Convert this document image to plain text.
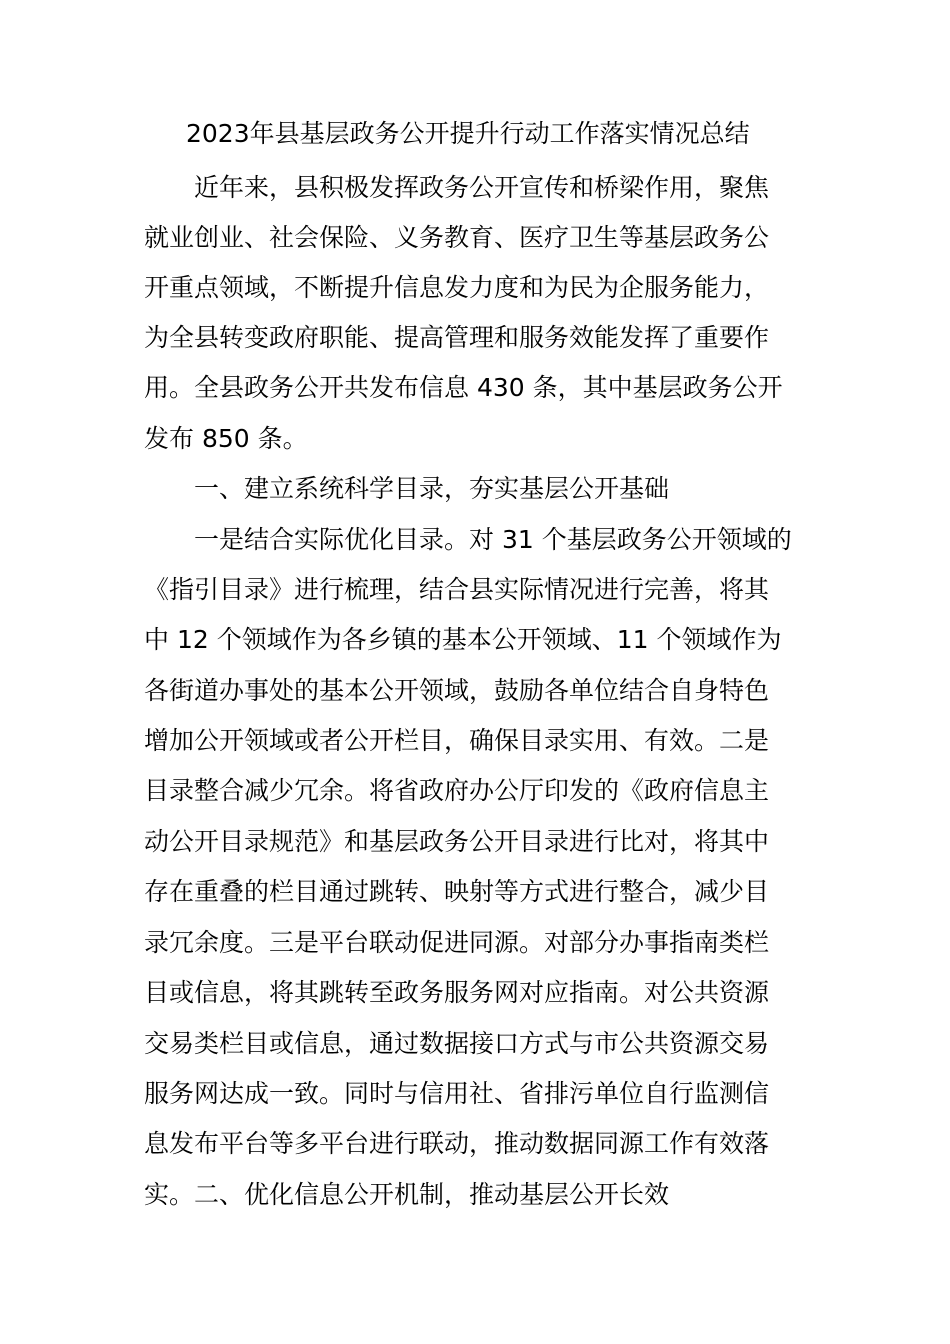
2023年县基层政务公开提升行动工作落实情况总结
近年来，县积极发挥政务公开宣传和桥梁作用，聚焦
就业创业、社会保险、义务教育、医疗卫生等基层政务公
开重点领域，不断提升信息发力度和为民为企服务能力，
为全县转变政府职能、提高管理和服务效能发挥了重要作
用。全县政务公开共发布信息 430 条，其中基层政务公开
发布 850 条。
一、建立系统科学目录，夯实基层公开基础
一是结合实际优化目录。对 31 个基层政务公开领域的
《指引目录》进行梳理，结合县实际情况进行完善，将其
中 12 个领域作为各乡镇的基本公开领域、11 个领域作为
各街道办事处的基本公开领域，鼓励各单位结合自身特色
增加公开领域或者公开栏目，确保目录实用、有效。二是
目录整合减少冗余。将省政府办公厅印发的《政府信息主
动公开目录规范》和基层政务公开目录进行比对，将其中
存在重叠的栏目通过跳转、映射等方式进行整合，减少目
录冗余度。三是平台联动促进同源。对部分办事指南类栏
目或信息，将其跳转至政务服务网对应指南。对公共资源
交易类栏目或信息，通过数据接口方式与市公共资源交易
服务网达成一致。同时与信用社、省排污单位自行监测信
息发布平台等多平台进行联动，推动数据同源工作有效落
实。二、优化信息公开机制，推动基层公开长效
